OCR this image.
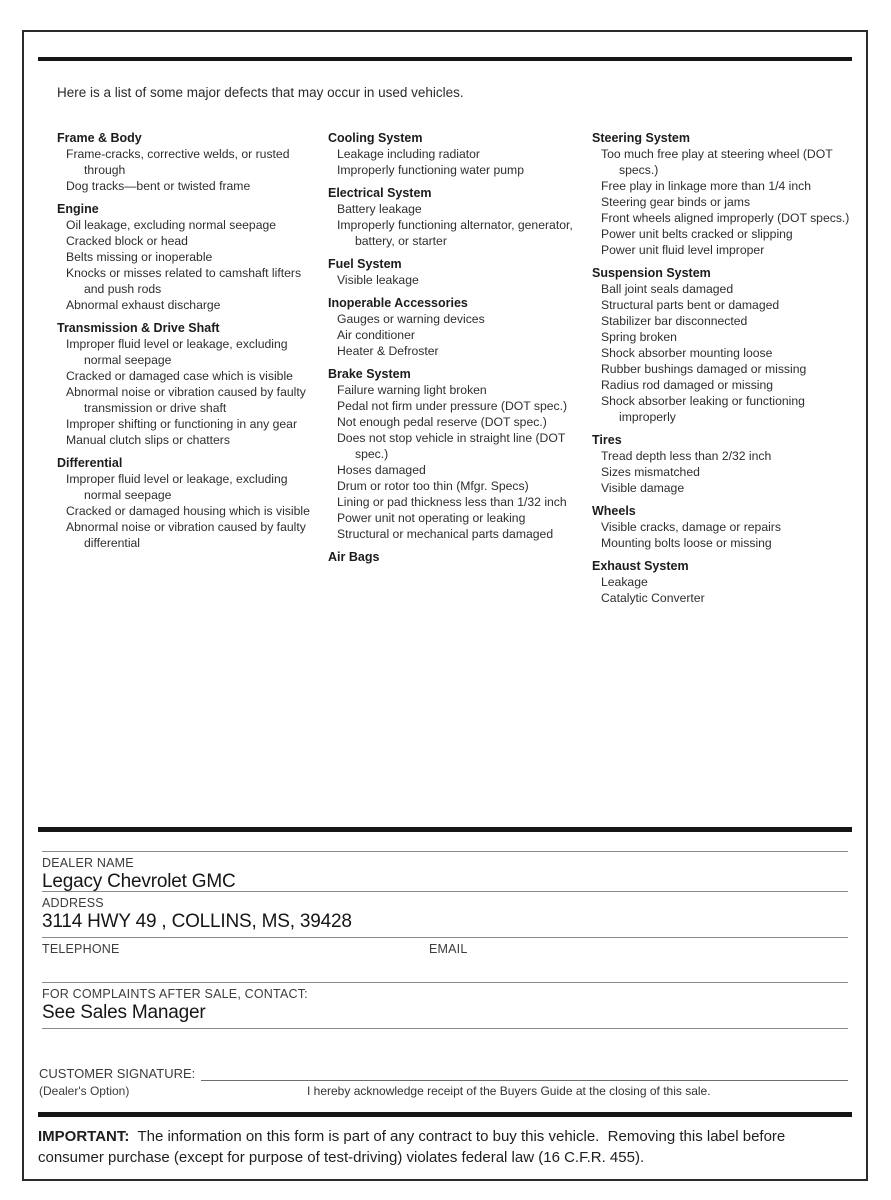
Here is a list of some major defects that may occur in used vehicles.
Frame & Body
Frame-cracks, corrective welds, or rusted through
Dog tracks—bent or twisted frame
Engine
Oil leakage, excluding normal seepage
Cracked block or head
Belts missing or inoperable
Knocks or misses related to camshaft lifters and push rods
Abnormal exhaust discharge
Transmission & Drive Shaft
Improper fluid level or leakage, excluding normal seepage
Cracked or damaged case which is visible
Abnormal noise or vibration caused by faulty transmission or drive shaft
Improper shifting or functioning in any gear
Manual clutch slips or chatters
Differential
Improper fluid level or leakage, excluding normal seepage
Cracked or damaged housing which is visible
Abnormal noise or vibration caused by faulty differential
Cooling System
Leakage including radiator
Improperly functioning water pump
Electrical System
Battery leakage
Improperly functioning alternator, generator, battery, or starter
Fuel System
Visible leakage
Inoperable Accessories
Gauges or warning devices
Air conditioner
Heater & Defroster
Brake System
Failure warning light broken
Pedal not firm under pressure (DOT spec.)
Not enough pedal reserve (DOT spec.)
Does not stop vehicle in straight line (DOT spec.)
Hoses damaged
Drum or rotor too thin (Mfgr. Specs)
Lining or pad thickness less than 1/32 inch
Power unit not operating or leaking
Structural or mechanical parts damaged
Air Bags
Steering System
Too much free play at steering wheel (DOT specs.)
Free play in linkage more than 1/4 inch
Steering gear binds or jams
Front wheels aligned improperly (DOT specs.)
Power unit belts cracked or slipping
Power unit fluid level improper
Suspension System
Ball joint seals damaged
Structural parts bent or damaged
Stabilizer bar disconnected
Spring broken
Shock absorber mounting loose
Rubber bushings damaged or missing
Radius rod damaged or missing
Shock absorber leaking or functioning improperly
Tires
Tread depth less than 2/32 inch
Sizes mismatched
Visible damage
Wheels
Visible cracks, damage or repairs
Mounting bolts loose or missing
Exhaust System
Leakage
Catalytic Converter
DEALER NAME
Legacy Chevrolet GMC
ADDRESS
3114 HWY 49 , COLLINS, MS, 39428
TELEPHONE	EMAIL
FOR COMPLAINTS AFTER SALE, CONTACT:
See Sales Manager
CUSTOMER SIGNATURE:
(Dealer's Option)	I hereby acknowledge receipt of the Buyers Guide at the closing of this sale.
IMPORTANT:  The information on this form is part of any contract to buy this vehicle.  Removing this label before consumer purchase (except for purpose of test-driving) violates federal law (16 C.F.R. 455).
